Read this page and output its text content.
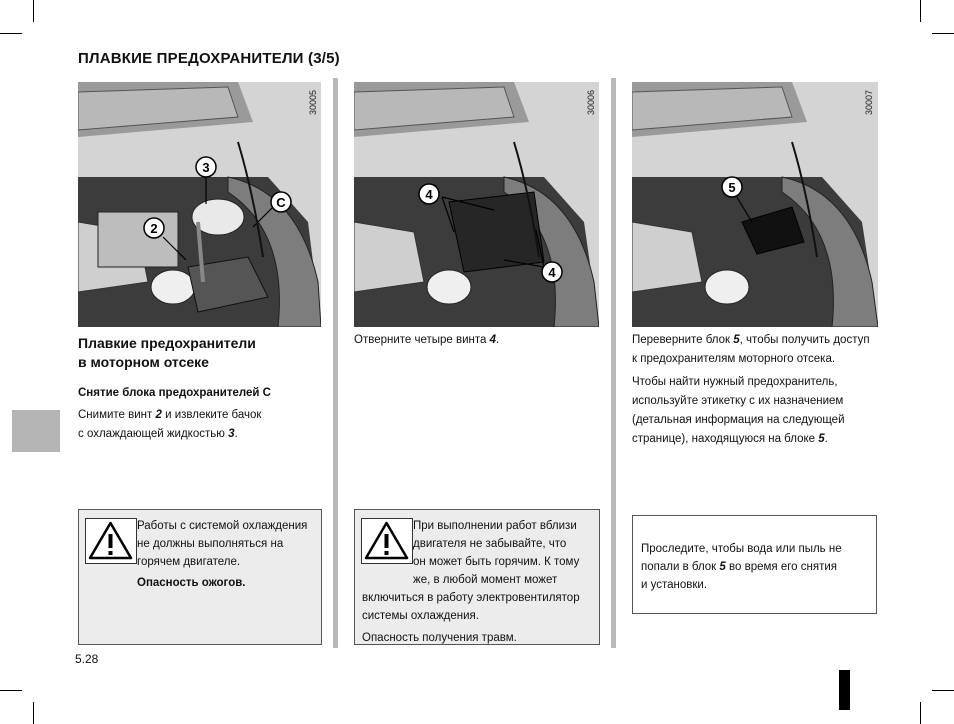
ПЛАВКИЕ ПРЕДОХРАНИТЕЛИ (3/5)
3
2
C
30005
4
4
30006
5
30007
Плавкие предохранители
в моторном отсеке
Снятие блока предохранителей C
Снимите винт 2 и извлеките бачок
с охлаждающей жидкостью 3.
Работы с системой охлаждения
не должны выполняться на
горячем двигателе.
Опасность ожогов.
Отверните четыре винта 4.
При выполнении работ вблизи
двигателя не забывайте, что
он может быть горячим. К тому
же, в любой момент может
включиться в работу электровентилятор
системы охлаждения.
Опасность получения травм.
Переверните блок 5, чтобы получить доступ
к предохранителям моторного отсека.
Чтобы найти нужный предохранитель,
используйте этикетку с их назначением
(детальная информация на следующей
странице), находящуюся на блоке 5.
Проследите, чтобы вода или пыль не
попали в блок 5 во время его снятия
и установки.
5.28
